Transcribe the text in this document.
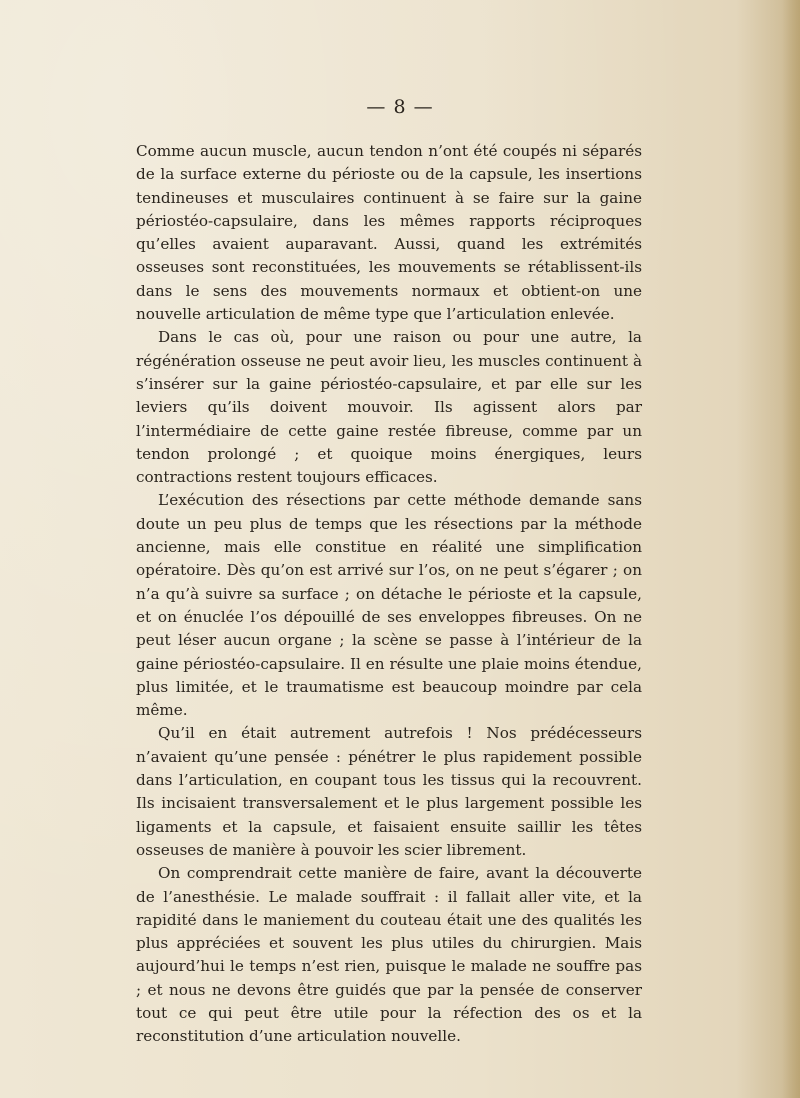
— 8 —

Comme aucun muscle, aucun tendon n’ont été coupés ni séparés de la surface externe du périoste ou de la capsule, les insertions tendineuses et musculaires continuent à se faire sur la gaine périostéo-capsulaire, dans les mêmes rapports réciproques qu’elles avaient auparavant. Aussi, quand les extrémités osseuses sont reconstituées, les mouvements se rétablissent-ils dans le sens des mouvements normaux et obtient-on une nouvelle articulation de même type que l’articulation enlevée.

Dans le cas où, pour une raison ou pour une autre, la régénération osseuse ne peut avoir lieu, les muscles continuent à s’insérer sur la gaine périostéo-capsulaire, et par elle sur les leviers qu’ils doivent mouvoir. Ils agissent alors par l’intermédiaire de cette gaine restée fibreuse, comme par un tendon prolongé ; et quoique moins énergiques, leurs contractions restent toujours efficaces.

L’exécution des résections par cette méthode demande sans doute un peu plus de temps que les résections par la méthode ancienne, mais elle constitue en réalité une simplification opératoire. Dès qu’on est arrivé sur l’os, on ne peut s’égarer ; on n’a qu’à suivre sa surface ; on détache le périoste et la capsule, et on énuclée l’os dépouillé de ses enveloppes fibreuses. On ne peut léser aucun organe ; la scène se passe à l’intérieur de la gaine périostéo-capsulaire. Il en résulte une plaie moins étendue, plus limitée, et le traumatisme est beaucoup moindre par cela même.

Qu’il en était autrement autrefois ! Nos prédécesseurs n’avaient qu’une pensée : pénétrer le plus rapidement possible dans l’articulation, en coupant tous les tissus qui la recouvrent. Ils incisaient transversalement et le plus largement possible les ligaments et la capsule, et faisaient ensuite saillir les têtes osseuses de manière à pouvoir les scier librement.

On comprendrait cette manière de faire, avant la découverte de l’anesthésie. Le malade souffrait : il fallait aller vite, et la rapidité dans le maniement du couteau était une des qualités les plus appréciées et souvent les plus utiles du chirurgien. Mais aujourd’hui le temps n’est rien, puisque le malade ne souffre pas ; et nous ne devons être guidés que par la pensée de conserver tout ce qui peut être utile pour la réfection des os et la reconstitution d’une articulation nouvelle.
